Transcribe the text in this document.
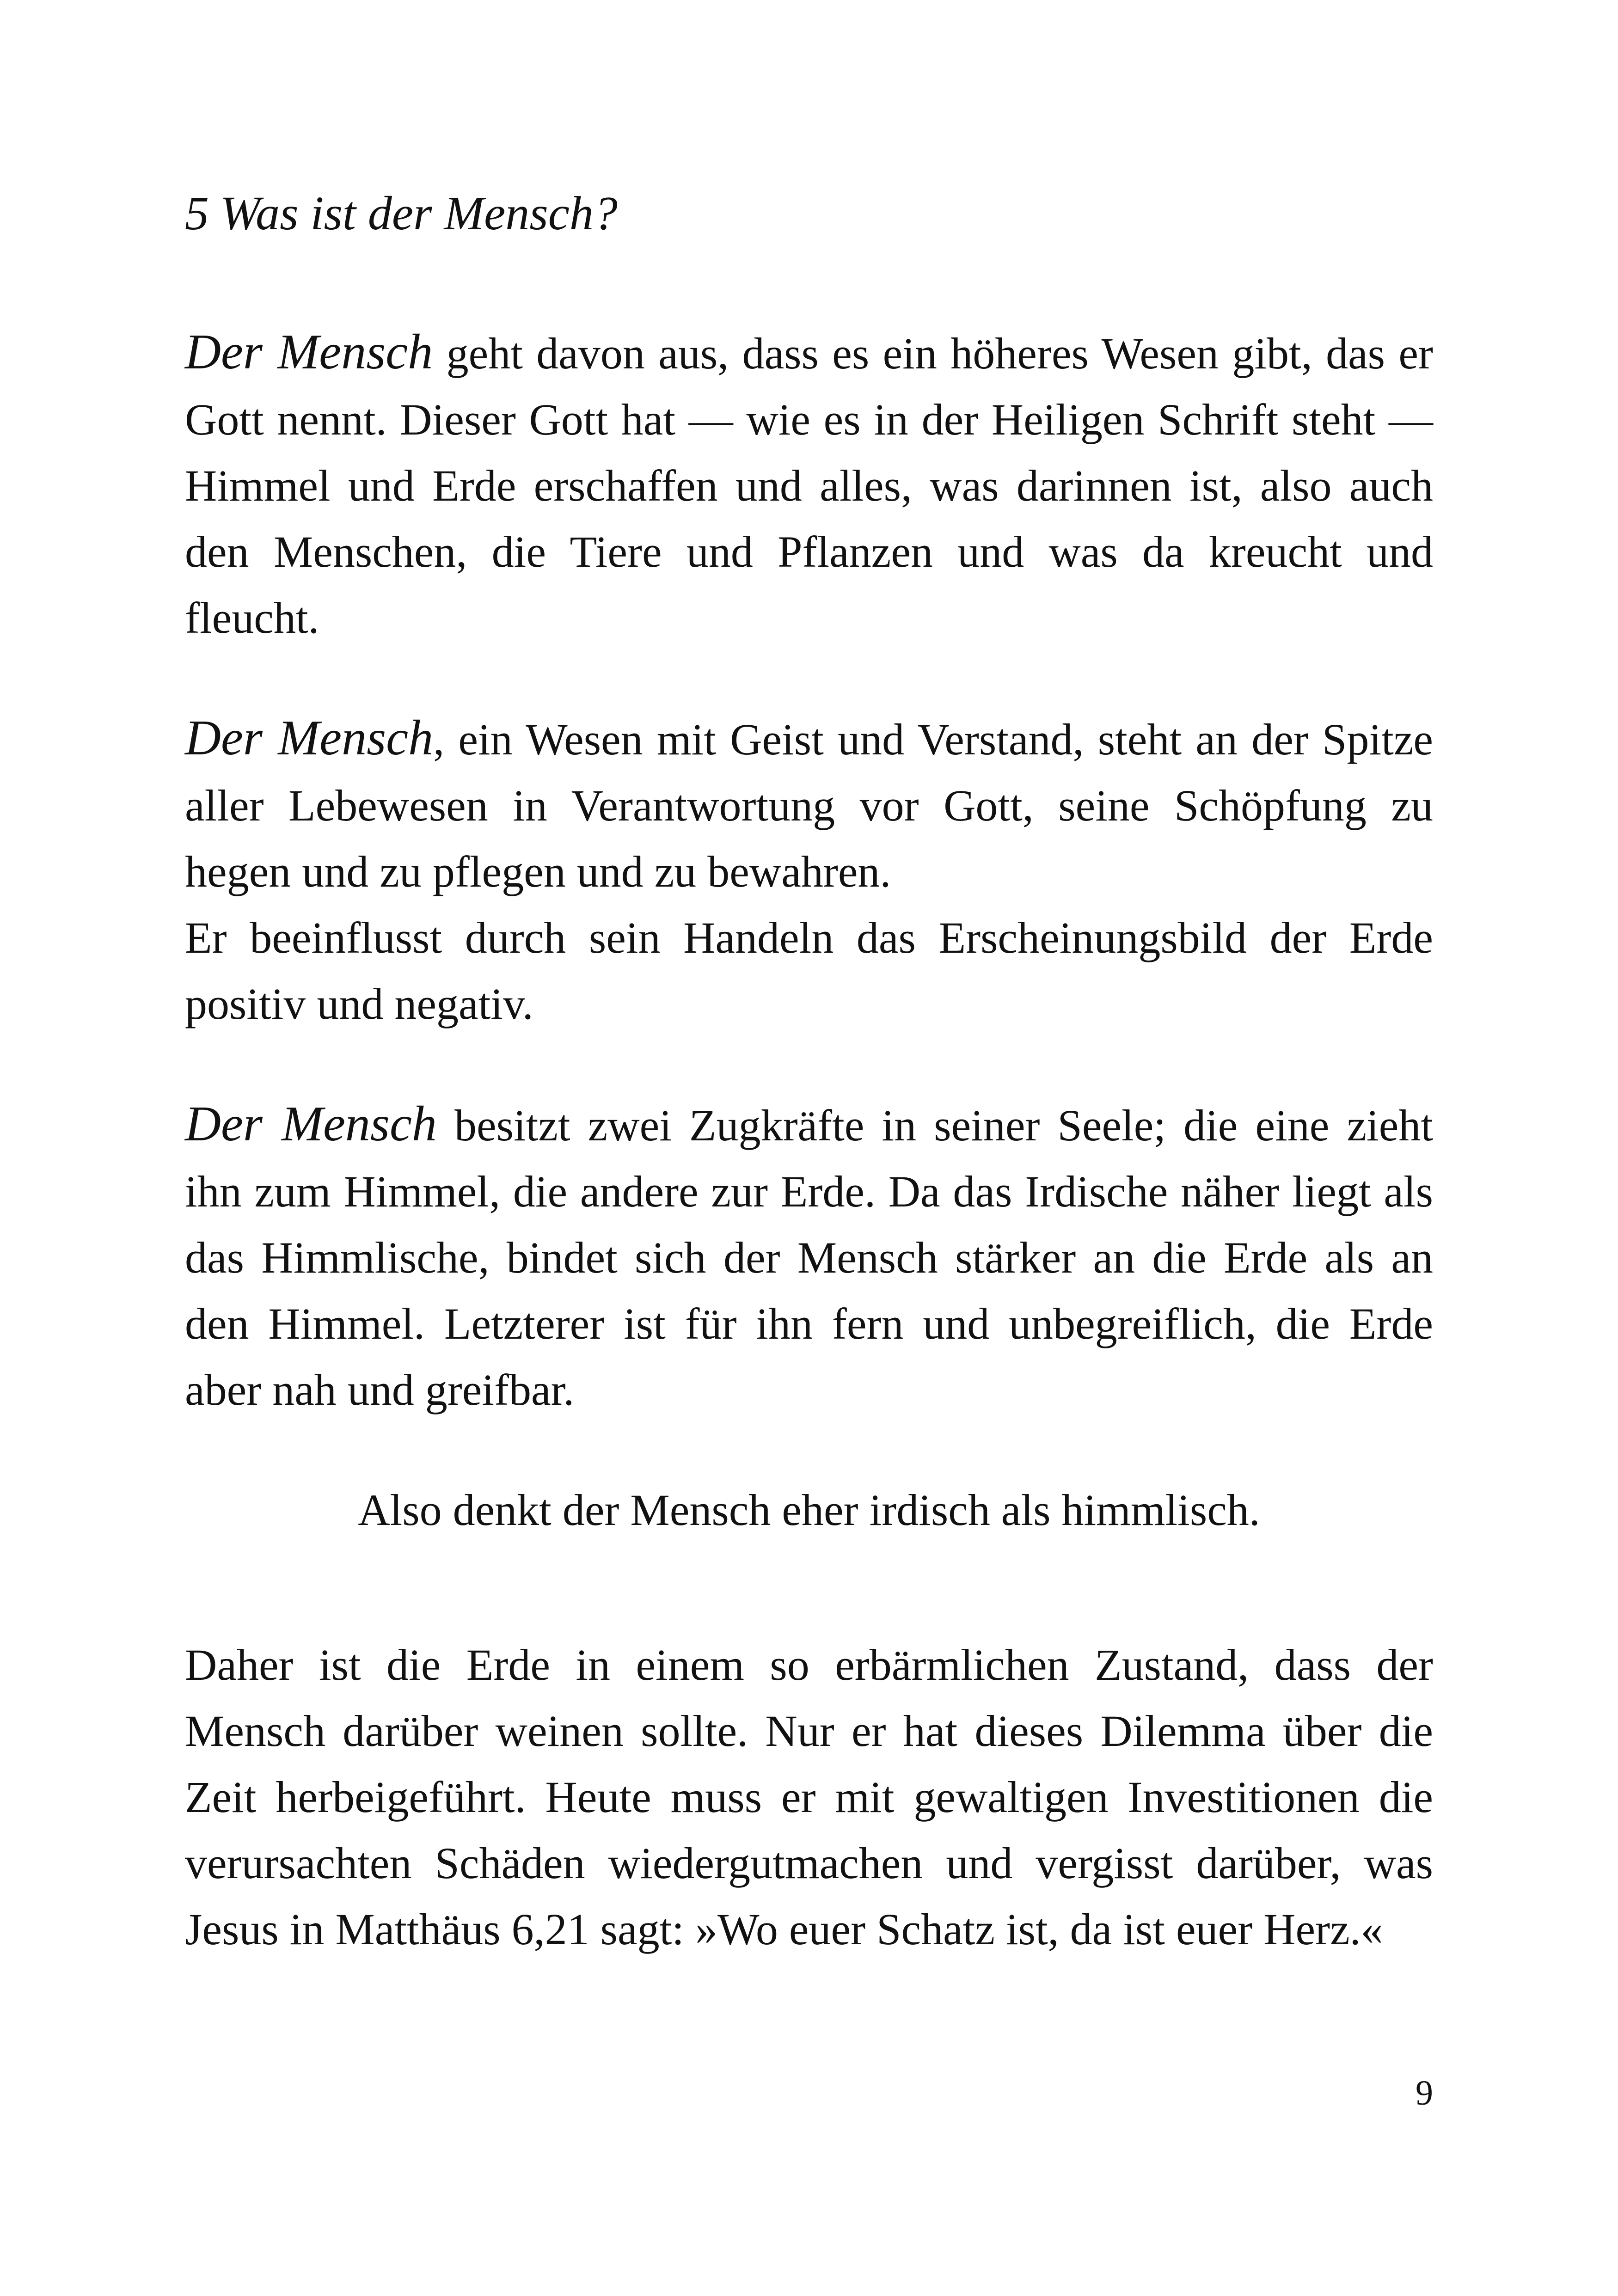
5 Was ist der Mensch?

Der Mensch geht davon aus, dass es ein höheres Wesen gibt, das er Gott nennt. Dieser Gott hat — wie es in der Heiligen Schrift steht — Himmel und Erde erschaffen und alles, was darinnen ist, also auch den Menschen, die Tiere und Pflanzen und was da kreucht und fleucht.

Der Mensch, ein Wesen mit Geist und Verstand, steht an der Spitze aller Lebewesen in Verantwortung vor Gott, seine Schöpfung zu hegen und zu pflegen und zu bewahren.
Er beeinflusst durch sein Handeln das Erscheinungsbild der Erde positiv und negativ.

Der Mensch besitzt zwei Zugkräfte in seiner Seele; die eine zieht ihn zum Himmel, die andere zur Erde. Da das Irdische näher liegt als das Himmlische, bindet sich der Mensch stärker an die Erde als an den Himmel. Letzterer ist für ihn fern und unbegreiflich, die Erde aber nah und greifbar.

Also denkt der Mensch eher irdisch als himmlisch.

Daher ist die Erde in einem so erbärmlichen Zustand, dass der Mensch darüber weinen sollte. Nur er hat dieses Dilemma über die Zeit herbeigeführt. Heute muss er mit gewaltigen Investitionen die verursachten Schäden wiedergutmachen und vergisst darüber, was Jesus in Matthäus 6,21 sagt: »Wo euer Schatz ist, da ist euer Herz.«

9
